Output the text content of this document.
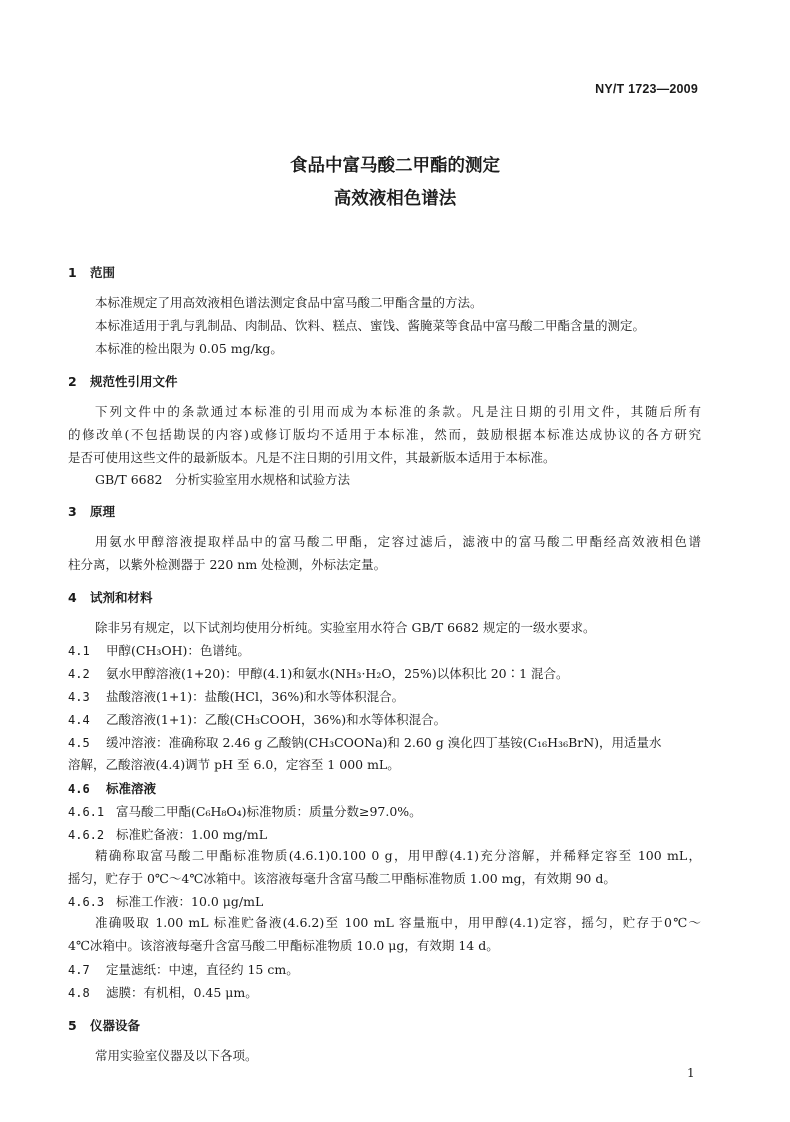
NY/T 1723—2009
食品中富马酸二甲酯的测定
高效液相色谱法
1 范围
本标准规定了用高效液相色谱法测定食品中富马酸二甲酯含量的方法。
本标准适用于乳与乳制品、肉制品、饮料、糕点、蜜饯、酱腌菜等食品中富马酸二甲酯含量的测定。
本标准的检出限为 0.05 mg/kg。
2 规范性引用文件
下列文件中的条款通过本标准的引用而成为本标准的条款。凡是注日期的引用文件，其随后所有
的修改单(不包括勘误的内容)或修订版均不适用于本标准，然而，鼓励根据本标准达成协议的各方研究
是否可使用这些文件的最新版本。凡是不注日期的引用文件，其最新版本适用于本标准。
GB/T 6682　分析实验室用水规格和试验方法
3 原理
用氨水甲醇溶液提取样品中的富马酸二甲酯，定容过滤后，滤液中的富马酸二甲酯经高效液相色谱
柱分离，以紫外检测器于 220 nm 处检测，外标法定量。
4 试剂和材料
除非另有规定，以下试剂均使用分析纯。实验室用水符合 GB/T 6682 规定的一级水要求。
4.1 甲醇(CH₃OH)：色谱纯。
4.2 氨水甲醇溶液(1+20)：甲醇(4.1)和氨水(NH₃·H₂O，25%)以体积比 20∶1 混合。
4.3 盐酸溶液(1+1)：盐酸(HCl，36%)和水等体积混合。
4.4 乙酸溶液(1+1)：乙酸(CH₃COOH，36%)和水等体积混合。
4.5 缓冲溶液：准确称取 2.46 g 乙酸钠(CH₃COONa)和 2.60 g 溴化四丁基铵(C₁₆H₃₆BrN)，用适量水
溶解，乙酸溶液(4.4)调节 pH 至 6.0，定容至 1 000 mL。
4.6 标准溶液
4.6.1 富马酸二甲酯(C₆H₈O₄)标准物质：质量分数≥97.0%。
4.6.2 标准贮备液：1.00 mg/mL
精确称取富马酸二甲酯标准物质(4.6.1)0.100 0 g，用甲醇(4.1)充分溶解，并稀释定容至 100 mL，
摇匀，贮存于 0℃～4℃冰箱中。该溶液每毫升含富马酸二甲酯标准物质 1.00 mg，有效期 90 d。
4.6.3 标准工作液：10.0 μg/mL
准确吸取 1.00 mL 标准贮备液(4.6.2)至 100 mL 容量瓶中，用甲醇(4.1)定容，摇匀，贮存于0℃～
4℃冰箱中。该溶液每毫升含富马酸二甲酯标准物质 10.0 μg，有效期 14 d。
4.7 定量滤纸：中速，直径约 15 cm。
4.8 滤膜：有机相，0.45 μm。
5 仪器设备
常用实验室仪器及以下各项。
1
